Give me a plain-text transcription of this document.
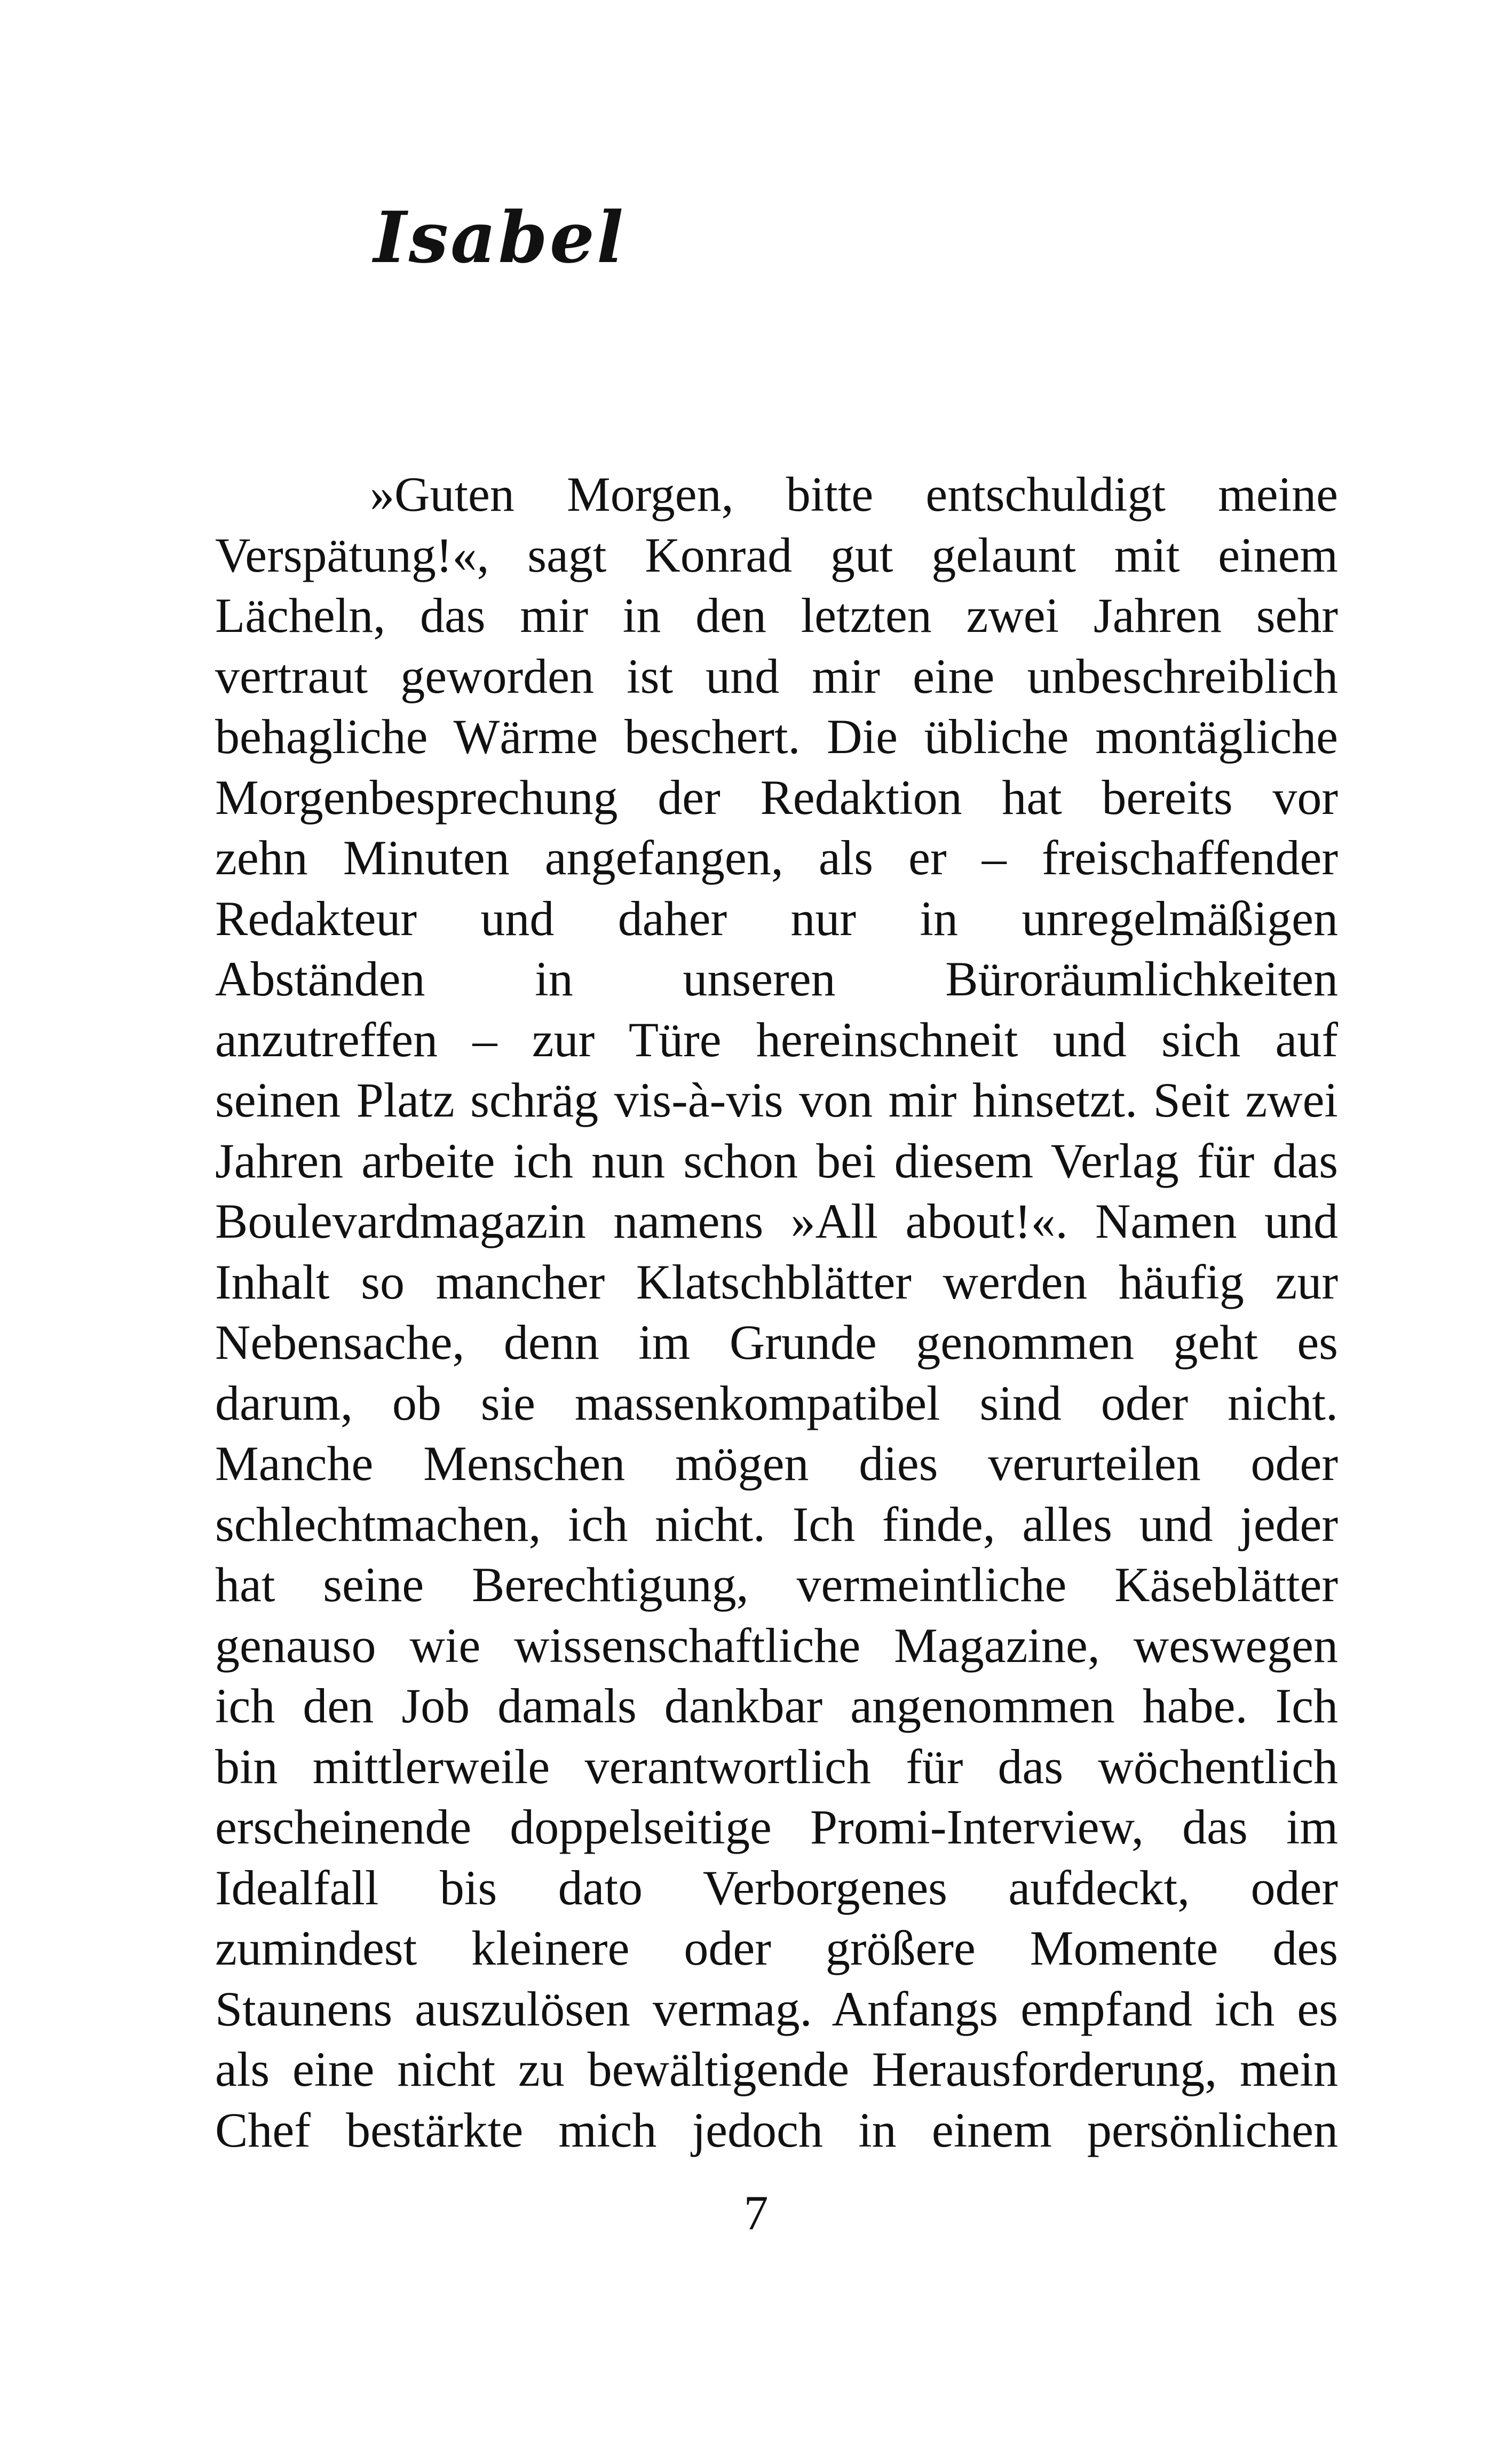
Isabel
»Guten Morgen, bitte entschuldigt meine
Verspätung!«, sagt Konrad gut gelaunt mit einem
Lächeln, das mir in den letzten zwei Jahren sehr
vertraut geworden ist und mir eine unbeschreiblich
behagliche Wärme beschert. Die übliche montägliche
Morgenbesprechung der Redaktion hat bereits vor
zehn Minuten angefangen, als er – freischaffender
Redakteur und daher nur in unregelmäßigen
Abständen in unseren Büroräumlichkeiten
anzutreffen – zur Türe hereinschneit und sich auf
seinen Platz schräg vis-à-vis von mir hinsetzt. Seit zwei
Jahren arbeite ich nun schon bei diesem Verlag für das
Boulevardmagazin namens »All about!«. Namen und
Inhalt so mancher Klatschblätter werden häufig zur
Nebensache, denn im Grunde genommen geht es
darum, ob sie massenkompatibel sind oder nicht.
Manche Menschen mögen dies verurteilen oder
schlechtmachen, ich nicht. Ich finde, alles und jeder
hat seine Berechtigung, vermeintliche Käseblätter
genauso wie wissenschaftliche Magazine, weswegen
ich den Job damals dankbar angenommen habe. Ich
bin mittlerweile verantwortlich für das wöchentlich
erscheinende doppelseitige Promi-Interview, das im
Idealfall bis dato Verborgenes aufdeckt, oder
zumindest kleinere oder größere Momente des
Staunens auszulösen vermag. Anfangs empfand ich es
als eine nicht zu bewältigende Herausforderung, mein
Chef bestärkte mich jedoch in einem persönlichen
7
